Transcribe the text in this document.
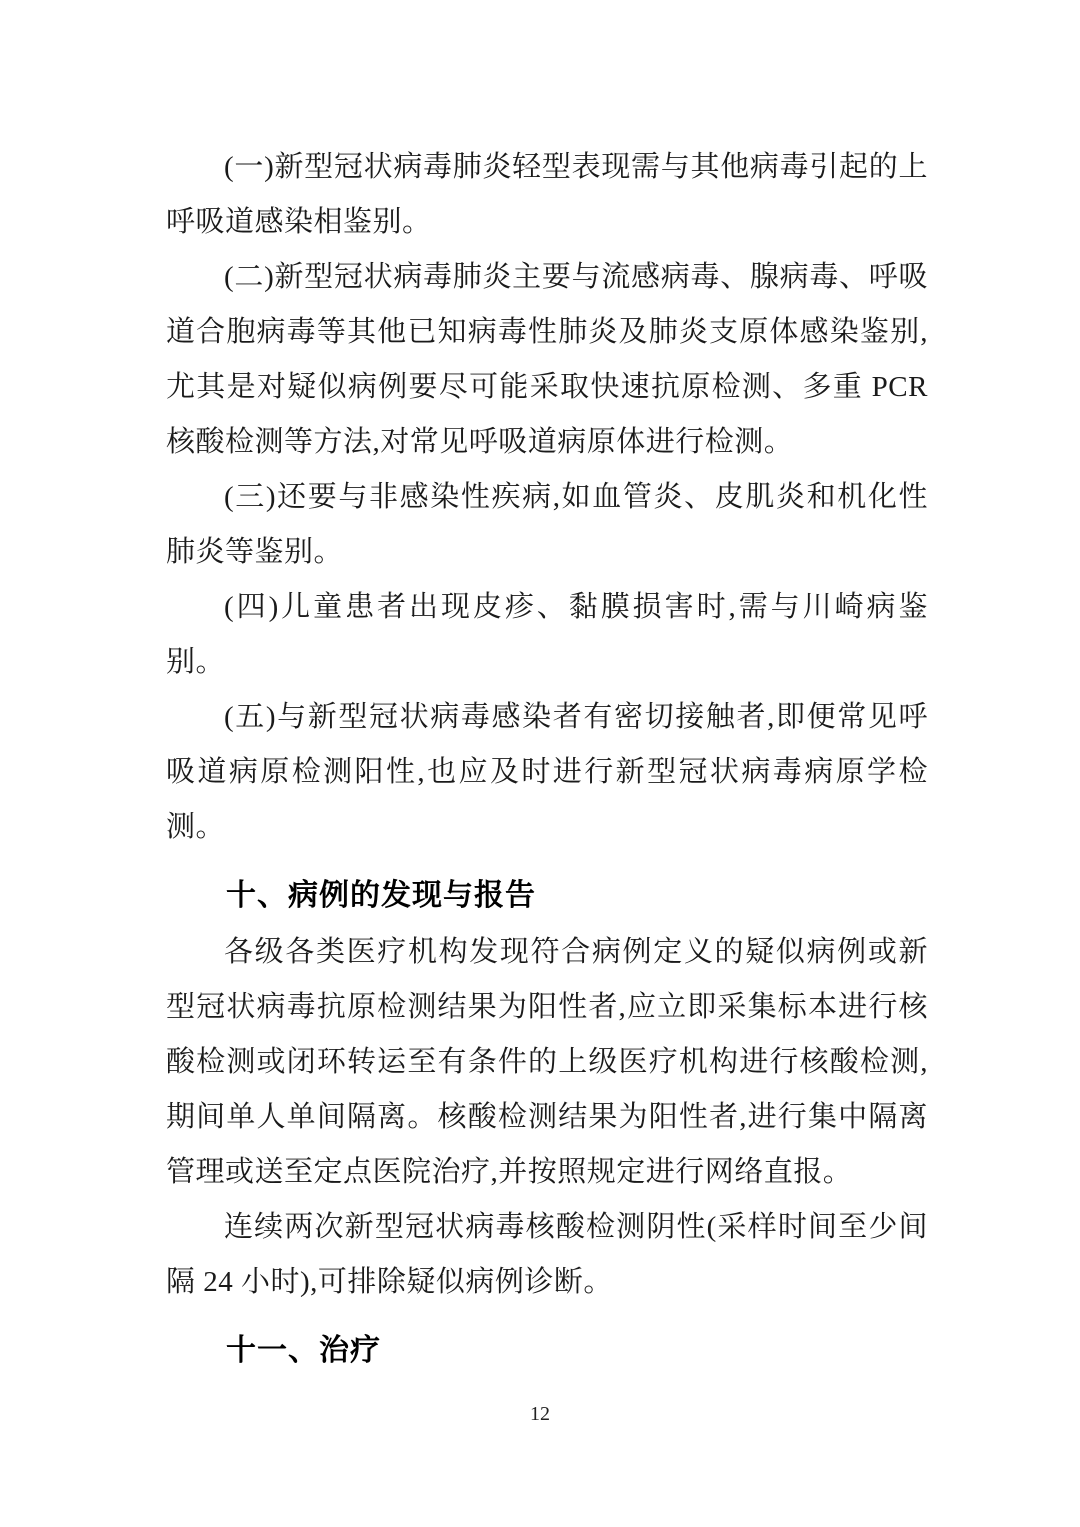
(一)新型冠状病毒肺炎轻型表现需与其他病毒引起的上呼吸道感染相鉴别。

(二)新型冠状病毒肺炎主要与流感病毒、腺病毒、呼吸道合胞病毒等其他已知病毒性肺炎及肺炎支原体感染鉴别,尤其是对疑似病例要尽可能采取快速抗原检测、多重 PCR 核酸检测等方法,对常见呼吸道病原体进行检测。

(三)还要与非感染性疾病,如血管炎、皮肌炎和机化性肺炎等鉴别。

(四)儿童患者出现皮疹、黏膜损害时,需与川崎病鉴别。

(五)与新型冠状病毒感染者有密切接触者,即便常见呼吸道病原检测阳性,也应及时进行新型冠状病毒病原学检测。

十、病例的发现与报告

各级各类医疗机构发现符合病例定义的疑似病例或新型冠状病毒抗原检测结果为阳性者,应立即采集标本进行核酸检测或闭环转运至有条件的上级医疗机构进行核酸检测,期间单人单间隔离。核酸检测结果为阳性者,进行集中隔离管理或送至定点医院治疗,并按照规定进行网络直报。

连续两次新型冠状病毒核酸检测阴性(采样时间至少间隔 24 小时),可排除疑似病例诊断。

十一、治疗
12
